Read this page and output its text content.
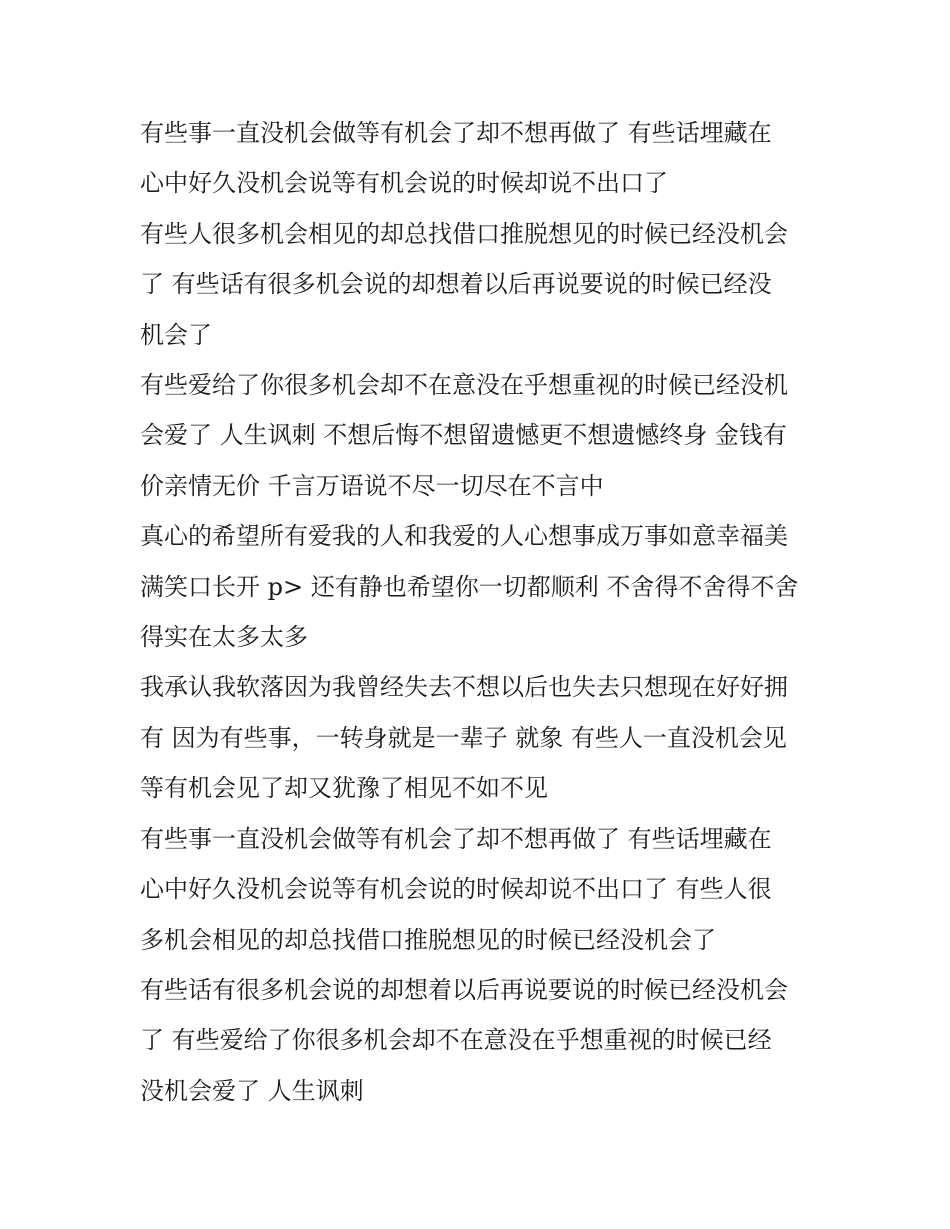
有些事一直没机会做等有机会了却不想再做了 有些话埋藏在
心中好久没机会说等有机会说的时候却说不出口了

有些人很多机会相见的却总找借口推脱想见的时候已经没机会
了 有些话有很多机会说的却想着以后再说要说的时候已经没
机会了

有些爱给了你很多机会却不在意没在乎想重视的时候已经没机
会爱了 人生讽刺 不想后悔不想留遗憾更不想遗憾终身 金钱有
价亲情无价 千言万语说不尽一切尽在不言中

真心的希望所有爱我的人和我爱的人心想事成万事如意幸福美
满笑口长开 p> 还有静也希望你一切都顺利 不舍得不舍得不舍
得实在太多太多

我承认我软落因为我曾经失去不想以后也失去只想现在好好拥
有 因为有些事，一转身就是一辈子 就象 有些人一直没机会见
等有机会见了却又犹豫了相见不如不见

有些事一直没机会做等有机会了却不想再做了 有些话埋藏在
心中好久没机会说等有机会说的时候却说不出口了 有些人很
多机会相见的却总找借口推脱想见的时候已经没机会了

有些话有很多机会说的却想着以后再说要说的时候已经没机会
了 有些爱给了你很多机会却不在意没在乎想重视的时候已经
没机会爱了 人生讽刺
